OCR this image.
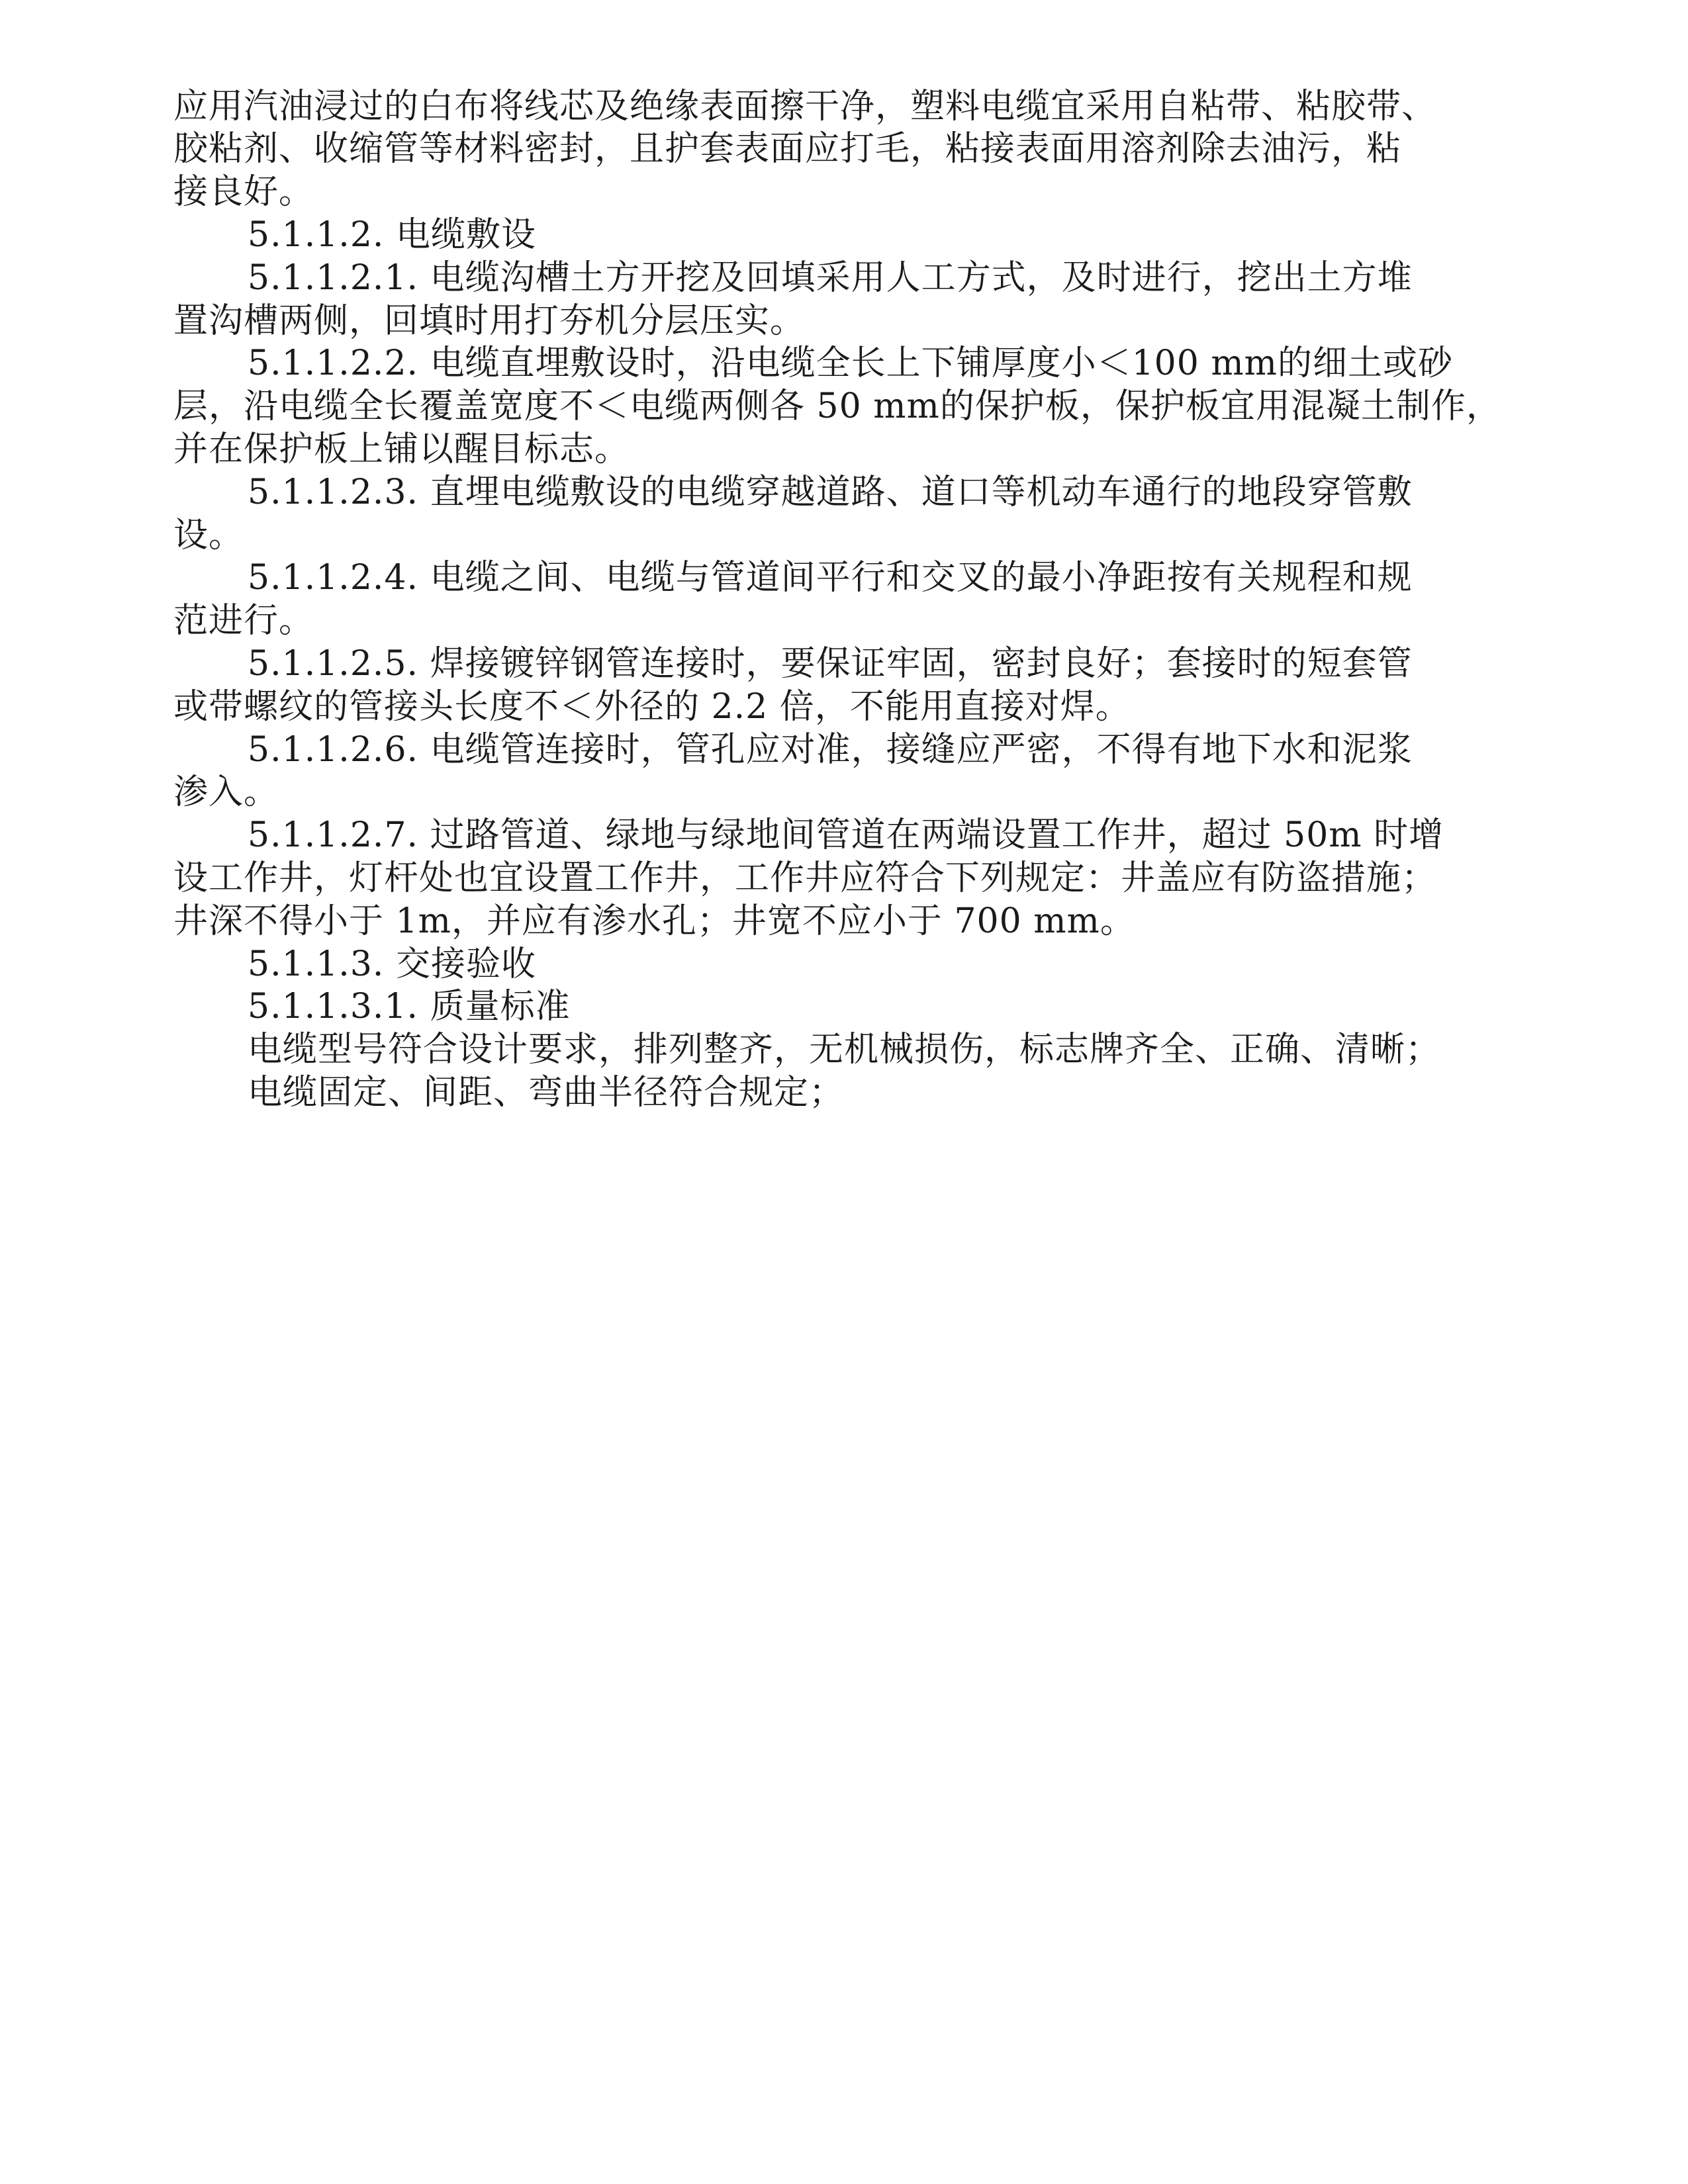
应用汽油浸过的白布将线芯及绝缘表面擦干净，塑料电缆宜采用自粘带、粘胶带、
胶粘剂、收缩管等材料密封，且护套表面应打毛，粘接表面用溶剂除去油污，粘
接良好。
5.1.1.2. 电缆敷设
5.1.1.2.1. 电缆沟槽土方开挖及回填采用人工方式，及时进行，挖出土方堆
置沟槽两侧，回填时用打夯机分层压实。
5.1.1.2.2. 电缆直埋敷设时，沿电缆全长上下铺厚度小＜100 mm的细土或砂
层，沿电缆全长覆盖宽度不＜电缆两侧各 50 mm的保护板，保护板宜用混凝土制作，
并在保护板上铺以醒目标志。
5.1.1.2.3. 直埋电缆敷设的电缆穿越道路、道口等机动车通行的地段穿管敷
设。
5.1.1.2.4. 电缆之间、电缆与管道间平行和交叉的最小净距按有关规程和规
范进行。
5.1.1.2.5. 焊接镀锌钢管连接时，要保证牢固，密封良好；套接时的短套管
或带螺纹的管接头长度不＜外径的 2.2 倍，不能用直接对焊。
5.1.1.2.6. 电缆管连接时，管孔应对准，接缝应严密，不得有地下水和泥浆
渗入。
5.1.1.2.7. 过路管道、绿地与绿地间管道在两端设置工作井，超过 50m 时增
设工作井，灯杆处也宜设置工作井，工作井应符合下列规定：井盖应有防盗措施；
井深不得小于 1m，并应有渗水孔；井宽不应小于 700 mm。
5.1.1.3. 交接验收
5.1.1.3.1. 质量标准
电缆型号符合设计要求，排列整齐，无机械损伤，标志牌齐全、正确、清晰；
电缆固定、间距、弯曲半径符合规定；
